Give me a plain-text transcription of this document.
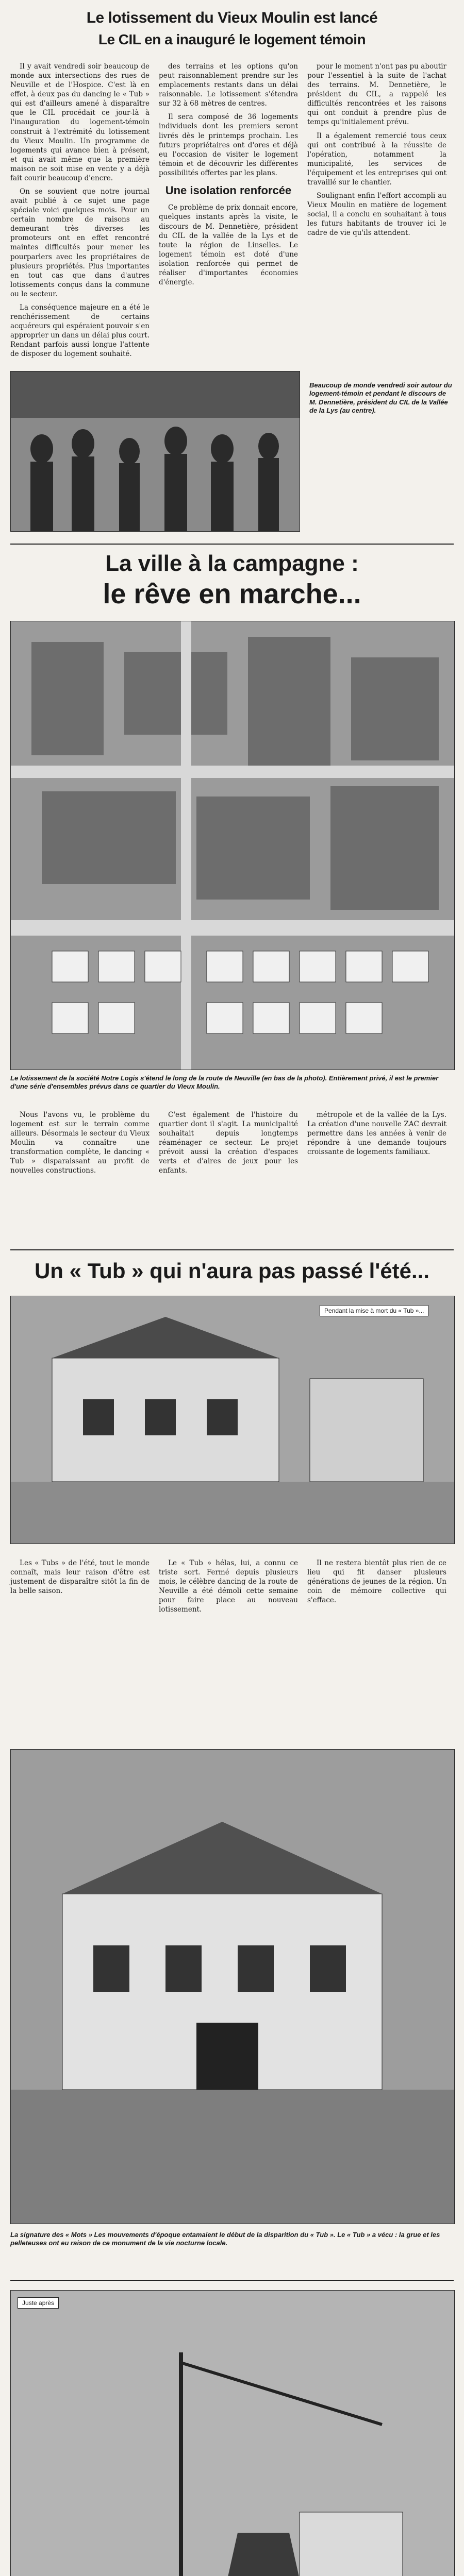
Le lotissement du Vieux Moulin est lancé
Le CIL en a inauguré le logement témoin

Il y avait vendredi soir beaucoup de monde aux intersections des rues de Neuville et de l'Hospice. C'est là en effet, à deux pas du dancing le « Tub » qui est d'ailleurs amené à disparaître que le CIL procédait ce jour-là à l'inauguration du logement-témoin construit à l'extrémité du lotissement du Vieux Moulin. Un programme de logements qui avance bien à présent, et qui avait même que la première maison ne soit mise en vente y a déjà fait courir beaucoup d'encre.

On se souvient que notre journal avait publié à ce sujet une page spéciale voici quelques mois. Pour un certain nombre de raisons au demeurant très diverses les promoteurs ont en effet rencontré maintes difficultés pour mener les pourparlers avec les propriétaires de plusieurs propriétés. Plus importantes en tout cas que dans d'autres lotissements conçus dans la commune ou le secteur.

La conséquence majeure en a été le renchérissement de certains acquéreurs qui espéraient pouvoir s'en approprier un dans un délai plus court. Rendant parfois aussi longue l'attente de disposer du logement souhaité.

des terrains et les options qu'on peut raisonnablement prendre sur les emplacements restants dans un délai raisonnable. Le lotissement s'étendra sur 32 à 68 mètres de centres.

Il sera composé de 36 logements individuels dont les premiers seront livrés dès le printemps prochain. Les futurs propriétaires ont d'ores et déjà eu l'occasion de visiter le logement témoin et de découvrir les différentes possibilités offertes par les plans.

Une isolation renforcée

Ce problème de prix donnait encore, quelques instants après la visite, le discours de M. Dennetière, président du CIL de la vallée de la Lys et de toute la région de Linselles. Le logement témoin est doté d'une isolation renforcée qui permet de réaliser d'importantes économies d'énergie.

pour le moment n'ont pas pu aboutir pour l'essentiel à la suite de l'achat des terrains. M. Dennetière, le président du CIL, a rappelé les difficultés rencontrées et les raisons qui ont conduit à prendre plus de temps qu'initialement prévu.

Il a également remercié tous ceux qui ont contribué à la réussite de l'opération, notamment la municipalité, les services de l'équipement et les entreprises qui ont travaillé sur le chantier.

Soulignant enfin l'effort accompli au Vieux Moulin en matière de logement social, il a conclu en souhaitant à tous les futurs habitants de trouver ici le cadre de vie qu'ils attendent.

Beaucoup de monde vendredi soir autour du logement-témoin et pendant le discours de M. Dennetière, président du CIL de la Vallée de la Lys (au centre).
La ville à la campagne :
le rêve en marche...
Le lotissement de la société Notre Logis s'étend le long de la route de Neuville (en bas de la photo). Entièrement privé, il est le premier d'une série d'ensembles prévus dans ce quartier du Vieux Moulin.

Nous l'avons vu, le problème du logement est sur le terrain comme ailleurs. Désormais le secteur du Vieux Moulin va connaître une transformation complète, le dancing « Tub » disparaissant au profit de nouvelles constructions.

C'est également de l'histoire du quartier dont il s'agit. La municipalité souhaitait depuis longtemps réaménager ce secteur. Le projet prévoit aussi la création d'espaces verts et d'aires de jeux pour les enfants.

métropole et de la vallée de la Lys. La création d'une nouvelle ZAC devrait permettre dans les années à venir de répondre à une demande toujours croissante de logements familiaux.

Un « Tub » qui n'aura pas passé l'été...
Pendant la mise à mort du « Tub »...

Les « Tubs » de l'été, tout le monde connaît, mais leur raison d'être est justement de disparaître sitôt la fin de la belle saison.

Le « Tub » hélas, lui, a connu ce triste sort. Fermé depuis plusieurs mois, le célèbre dancing de la route de Neuville a été démoli cette semaine pour faire place au nouveau lotissement.

Il ne restera bientôt plus rien de ce lieu qui fit danser plusieurs générations de jeunes de la région. Un coin de mémoire collective qui s'efface.

La signature des « Mots » Les mouvements d'époque entamaient le début de la disparition du « Tub ». Le « Tub » a vécu : la grue et les pelleteuses ont eu raison de ce monument de la vie nocturne locale.
Juste après
